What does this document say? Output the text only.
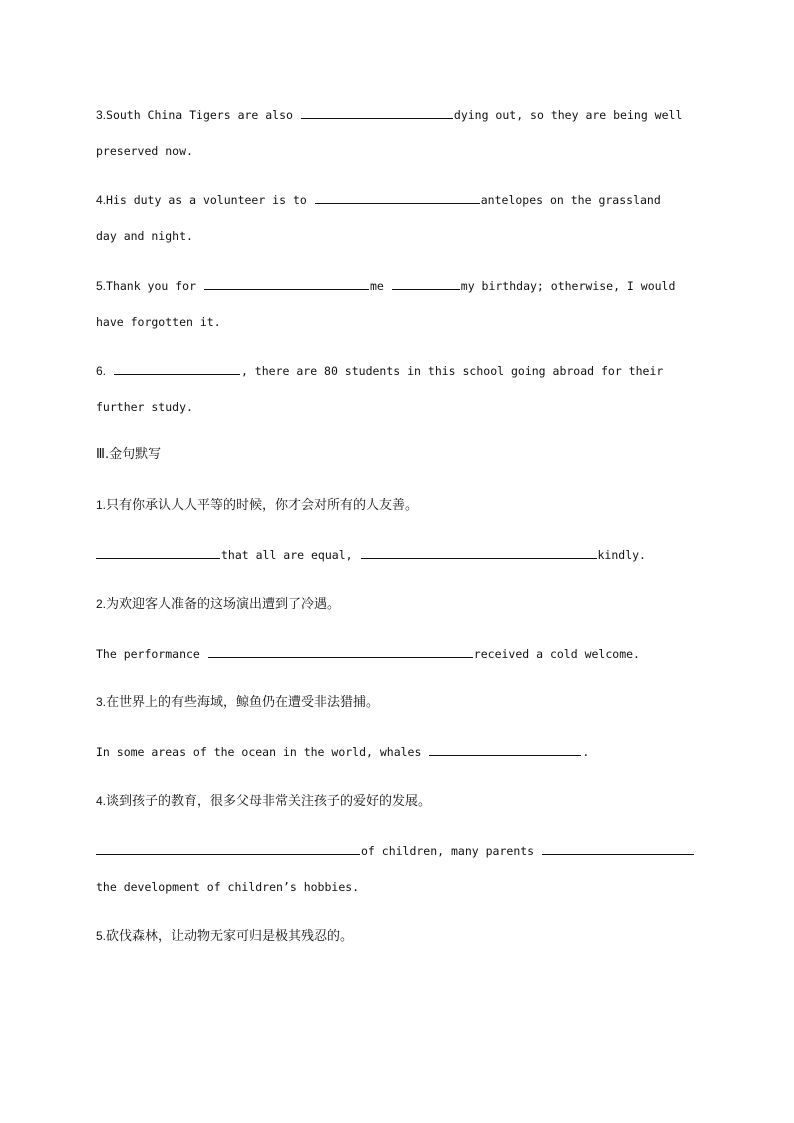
3.South China Tigers are also	dying out, so they are being well
preserved now.
4.His duty as a volunteer is to	antelopes on the grassland
day and night.
5.Thank you for	me	my birthday; otherwise, I would
have forgotten it.
6.	, there are 80 students in this school going abroad for their
further study.
Ⅲ.金句默写
1.只有你承认人人平等的时候，你才会对所有的人友善。
that all are equal,	kindly.
2.为欢迎客人准备的这场演出遭到了冷遇。
The performance	received a cold welcome.
3.在世界上的有些海域，鲸鱼仍在遭受非法猎捕。
In some areas of the ocean in the world, whales	.
4.谈到孩子的教育，很多父母非常关注孩子的爱好的发展。
of children, many parents
the development of children’s hobbies.
5.砍伐森林，让动物无家可归是极其残忍的。
